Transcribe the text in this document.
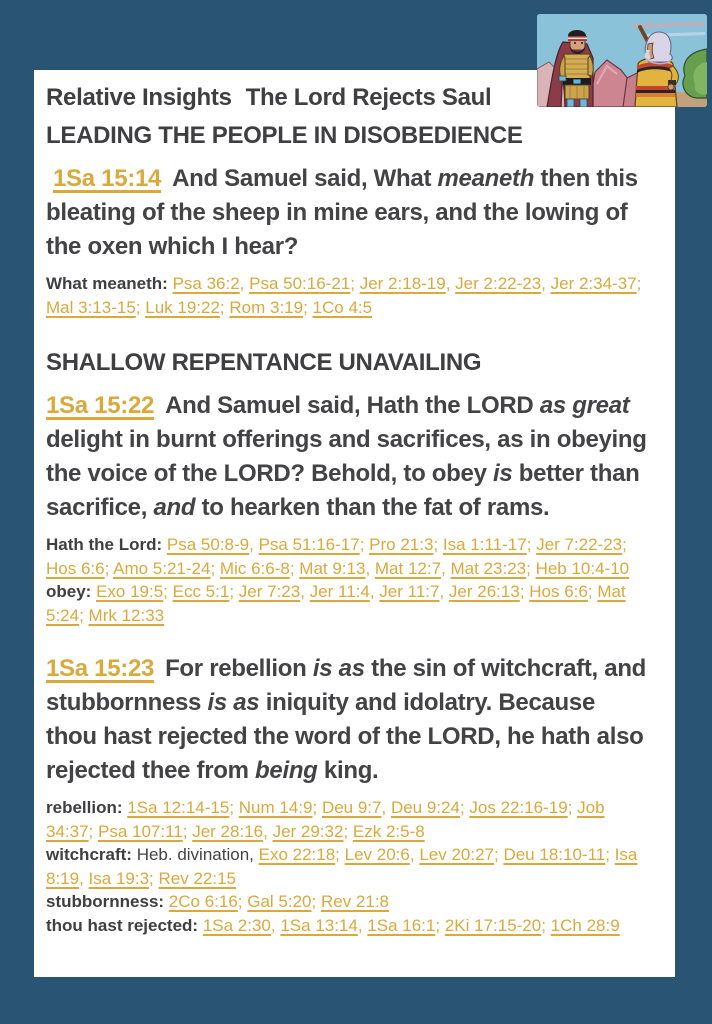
Relative Insights The Lord Rejects Saul
LEADING THE PEOPLE IN DISOBEDIENCE
1Sa 15:14 And Samuel said, What meaneth then this bleating of the sheep in mine ears, and the lowing of the oxen which I hear?
What meaneth: Psa 36:2, Psa 50:16-21; Jer 2:18-19, Jer 2:22-23, Jer 2:34-37; Mal 3:13-15; Luk 19:22; Rom 3:19; 1Co 4:5
SHALLOW REPENTANCE UNAVAILING
1Sa 15:22 And Samuel said, Hath the LORD as great delight in burnt offerings and sacrifices, as in obeying the voice of the LORD? Behold, to obey is better than sacrifice, and to hearken than the fat of rams.
Hath the Lord: Psa 50:8-9, Psa 51:16-17; Pro 21:3; Isa 1:11-17; Jer 7:22-23; Hos 6:6; Amo 5:21-24; Mic 6:6-8; Mat 9:13, Mat 12:7, Mat 23:23; Heb 10:4-10
obey: Exo 19:5; Ecc 5:1; Jer 7:23, Jer 11:4, Jer 11:7, Jer 26:13; Hos 6:6; Mat 5:24; Mrk 12:33
1Sa 15:23 For rebellion is as the sin of witchcraft, and stubbornness is as iniquity and idolatry. Because thou hast rejected the word of the LORD, he hath also rejected thee from being king.
rebellion: 1Sa 12:14-15; Num 14:9; Deu 9:7, Deu 9:24; Jos 22:16-19; Job 34:37; Psa 107:11; Jer 28:16, Jer 29:32; Ezk 2:5-8
witchcraft: Heb. divination, Exo 22:18; Lev 20:6, Lev 20:27; Deu 18:10-11; Isa 8:19, Isa 19:3; Rev 22:15
stubbornness: 2Co 6:16; Gal 5:20; Rev 21:8
thou hast rejected: 1Sa 2:30, 1Sa 13:14, 1Sa 16:1; 2Ki 17:15-20; 1Ch 28:9
